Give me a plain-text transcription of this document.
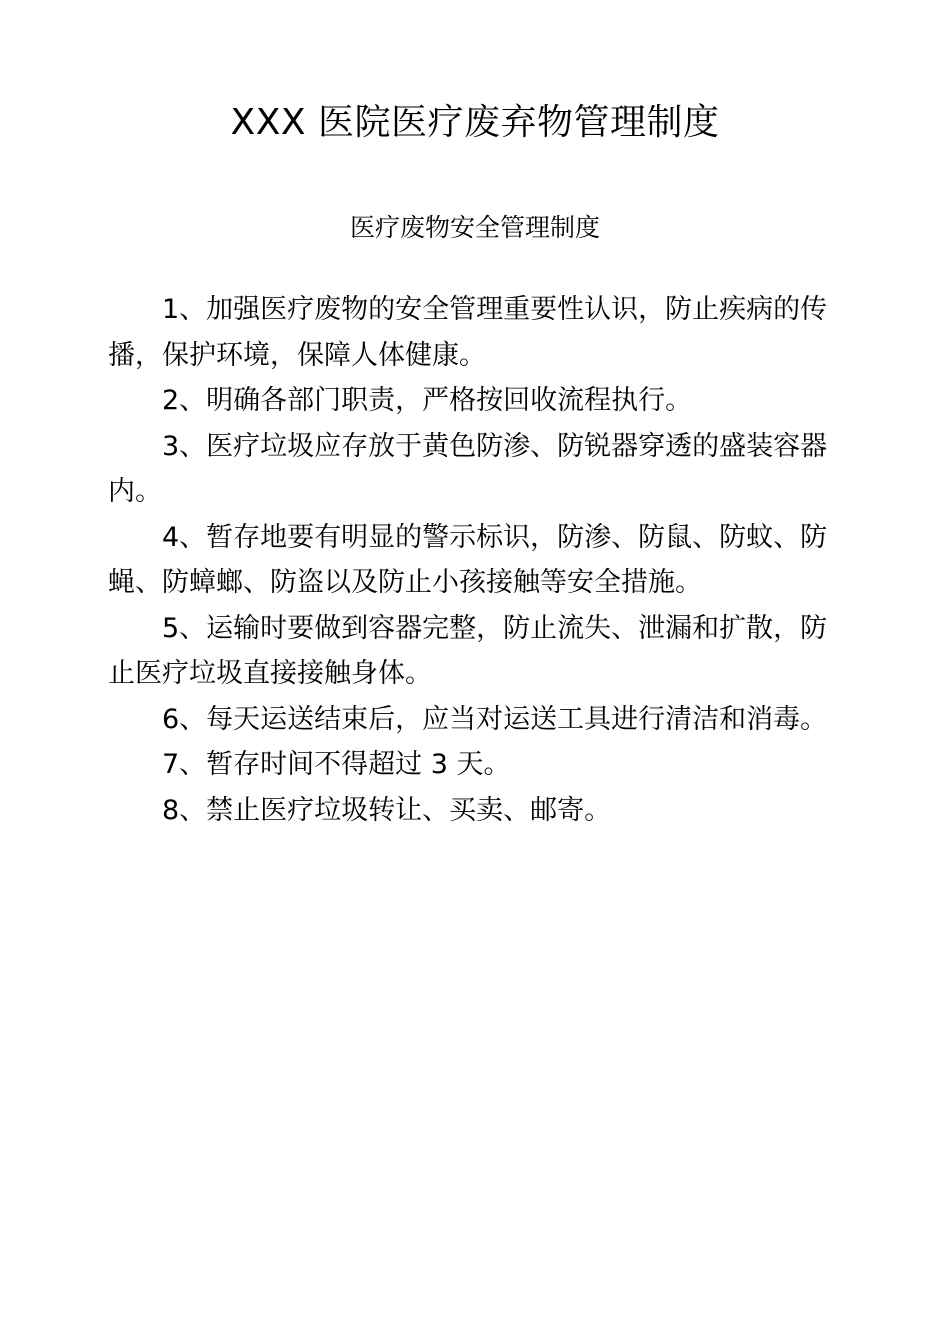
XXX 医院医疗废弃物管理制度
医疗废物安全管理制度

1、加强医疗废物的安全管理重要性认识，防止疾病的传播，保护环境，保障人体健康。

2、明确各部门职责，严格按回收流程执行。

3、医疗垃圾应存放于黄色防渗、防锐器穿透的盛装容器内。

4、暂存地要有明显的警示标识，防渗、防鼠、防蚊、防蝇、防蟑螂、防盗以及防止小孩接触等安全措施。

5、运输时要做到容器完整，防止流失、泄漏和扩散，防止医疗垃圾直接接触身体。

6、每天运送结束后，应当对运送工具进行清洁和消毒。

7、暂存时间不得超过 3 天。

8、禁止医疗垃圾转让、买卖、邮寄。
